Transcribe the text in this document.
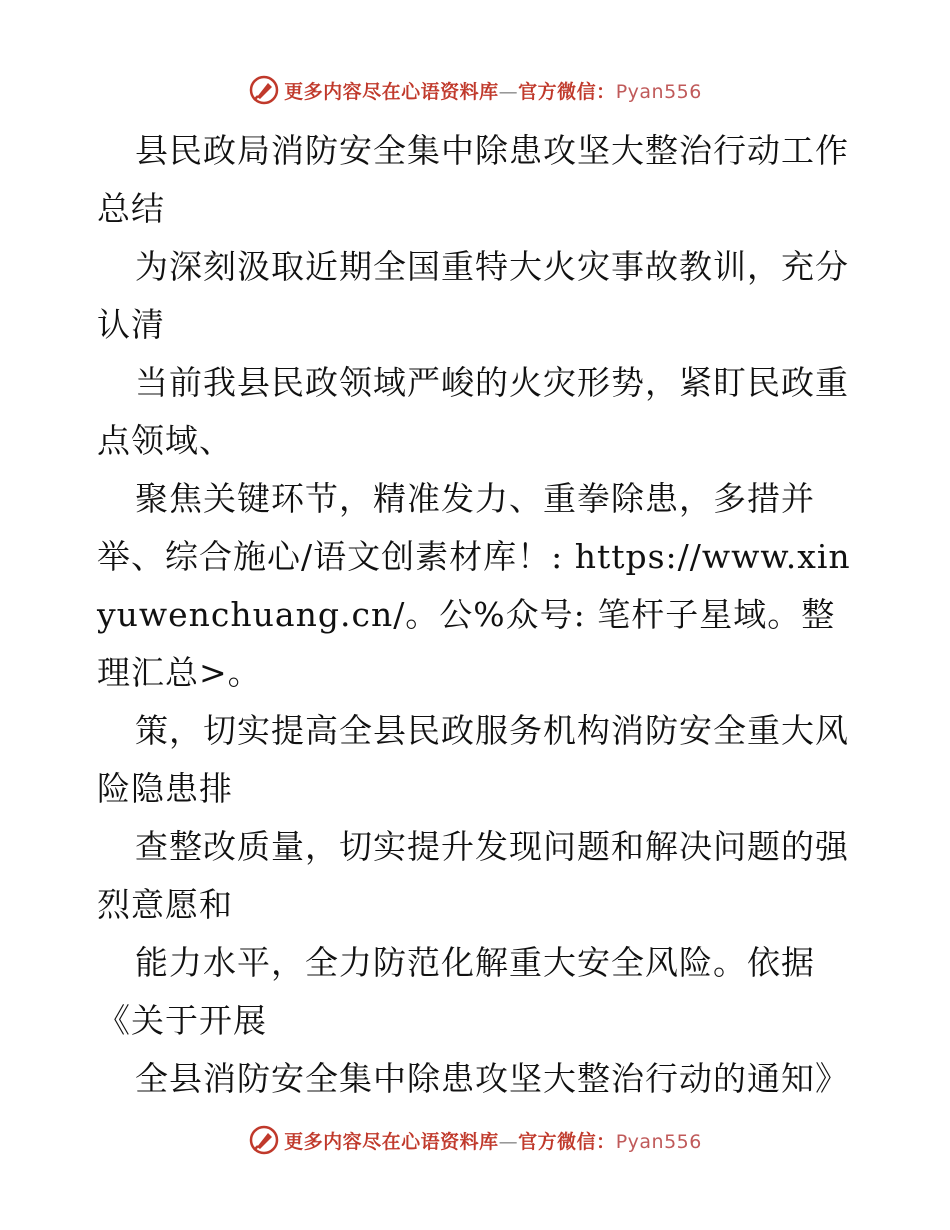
更多内容尽在心语资料库—官方微信：Pyan556

县民政局消防安全集中除患攻坚大整治行动工作总结

为深刻汲取近期全国重特大火灾事故教训，充分认清

当前我县民政领域严峻的火灾形势，紧盯民政重点领域、

聚焦关键环节，精准发力、重拳除患，多措并举、综合施心/语文创素材库！: https://www.xinyuwenchuang.cn/。公%众号: 笔杆子星域。整理汇总>。

策，切实提高全县民政服务机构消防安全重大风险隐患排

查整改质量，切实提升发现问题和解决问题的强烈意愿和

能力水平，全力防范化解重大安全风险。依据《关于开展

全县消防安全集中除患攻坚大整治行动的通知》

更多内容尽在心语资料库—官方微信：Pyan556
